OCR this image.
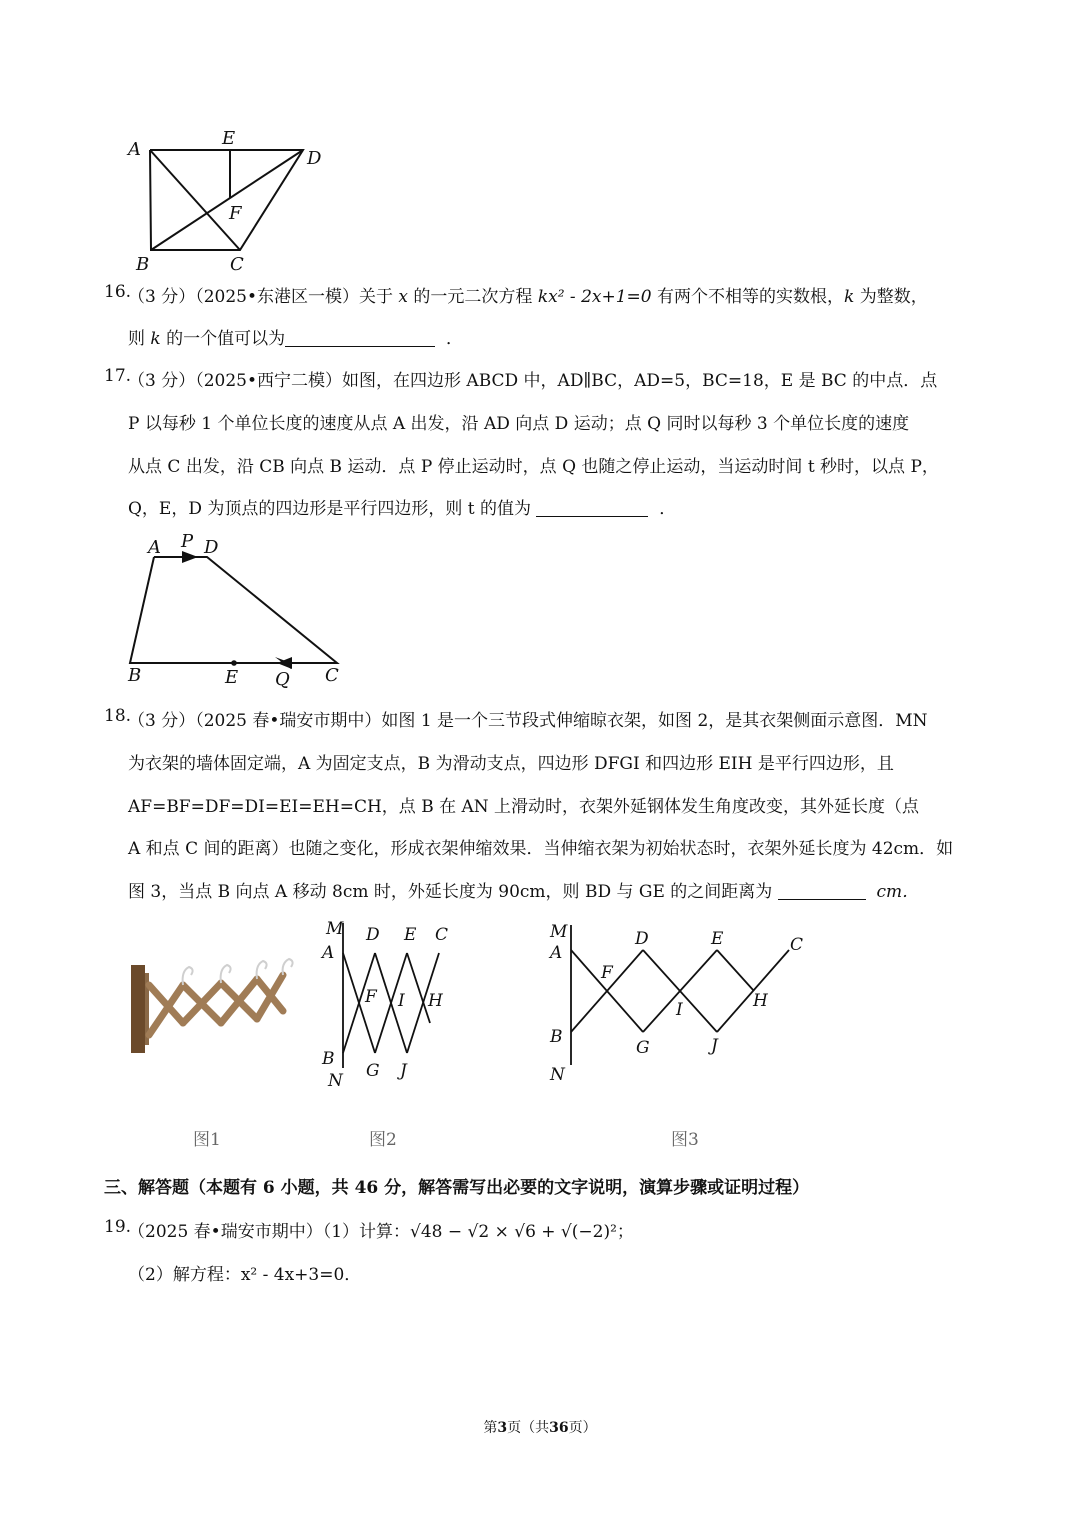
A
E
D
F
B	C
16.
（3 分）（2025•东港区一模）关于 x 的一元二次方程 kx² - 2x+1=0 有两个不相等的实数根，k 为整数，
则 k 的一个值可以为	．
17.
（3 分）（2025•西宁二模）如图，在四边形 ABCD 中，AD∥BC，AD=5，BC=18，E 是 BC 的中点．点
P 以每秒 1 个单位长度的速度从点 A 出发，沿 AD 向点 D 运动；点 Q 同时以每秒 3 个单位长度的速度
从点 C 出发，沿 CB 向点 B 运动．点 P 停止运动时，点 Q 也随之停止运动，当运动时间 t 秒时，以点 P，
Q，E，D 为顶点的四边形是平行四边形，则 t 的值为	．
A P D
B	E Q C
18.
（3 分）（2025 春•瑞安市期中）如图 1 是一个三节段式伸缩晾衣架，如图 2，是其衣架侧面示意图．MN
为衣架的墙体固定端，A 为固定支点，B 为滑动支点，四边形 DFGI 和四边形 EIH 是平行四边形，且
AF=BF=DF=DI=EI=EH=CH，点 B 在 AN 上滑动时，衣架外延钢体发生角度改变，其外延长度（点
A 和点 C 间的距离）也随之变化，形成衣架伸缩效果．当伸缩衣架为初始状态时，衣架外延长度为 42cm．如
图 3，当点 B 向点 A 移动 8cm 时，外延长度为 90cm，则 BD 与 GE 的之间距离为	cm．
M
A
D E C
F I H
B
N G J
M
A
D	E	C
F
I	H
B
N
G	J
图1	图2	图3
三、解答题（本题有 6 小题，共 46 分，解答需写出必要的文字说明，演算步骤或证明过程）
19.
（2025 春•瑞安市期中）（1）计算：√48 − √2 × √6 + √(−2)²；
（2）解方程：x² - 4x+3=0．
第3页（共36页）
